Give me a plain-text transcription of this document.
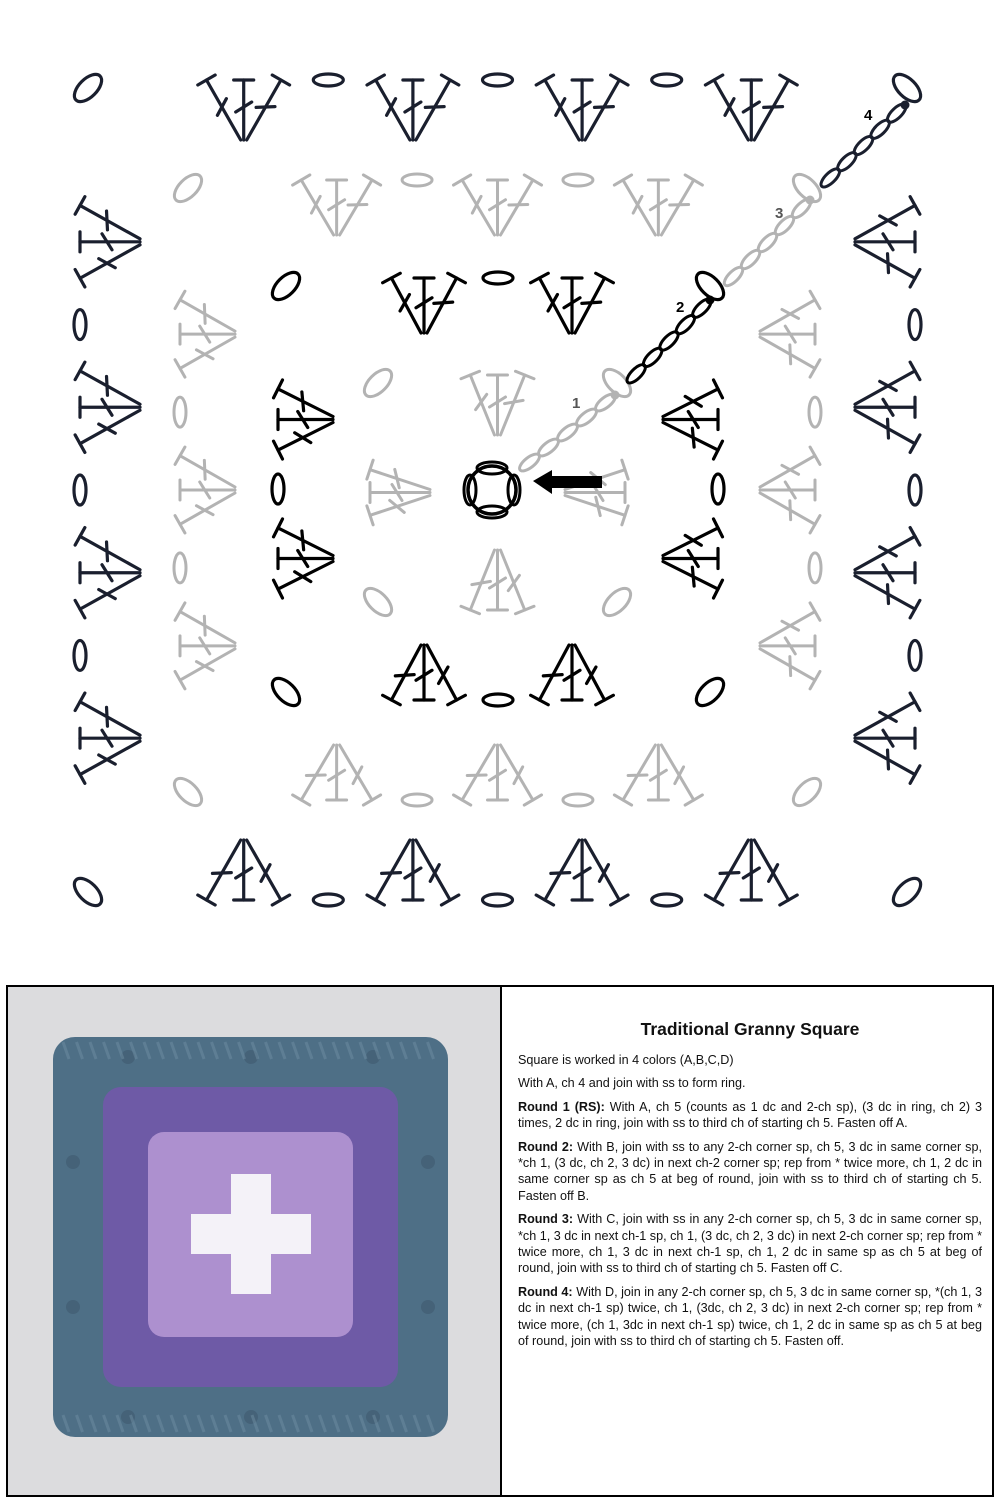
1
2
3
4
Traditional Granny Square

Square is worked in 4 colors (A,B,C,D)

With A, ch 4 and join with ss to form ring.

Round 1 (RS): With A, ch 5 (counts as 1 dc and 2-ch sp), (3 dc in ring, ch 2) 3 times, 2 dc in ring, join with ss to third ch of starting ch 5. Fasten off A.

Round 2: With B, join with ss to any 2-ch corner sp, ch 5, 3 dc in same corner sp, *ch 1, (3 dc, ch 2, 3 dc) in next ch-2 corner sp; rep from * twice more, ch 1, 2 dc in same corner sp as ch 5 at beg of round, join with ss to third ch of starting ch 5. Fasten off B.

Round 3: With C, join with ss in any 2-ch corner sp, ch 5, 3 dc in same corner sp, *ch 1, 3 dc in next ch-1 sp, ch 1, (3 dc, ch 2, 3 dc) in next 2-ch corner sp; rep from * twice more, ch 1, 3 dc in next ch-1 sp, ch 1, 2 dc in same sp as ch 5 at beg of round, join with ss to third ch of starting ch 5. Fasten off C.

Round 4: With D, join in any 2-ch corner sp, ch 5, 3 dc in same corner sp, *(ch 1, 3 dc in next ch-1 sp) twice, ch 1, (3dc, ch 2, 3 dc) in next 2-ch corner sp; rep from * twice more, (ch 1, 3dc in next ch-1 sp) twice, ch 1, 2 dc in same sp as ch 5 at beg of round, join with ss to third ch of starting ch 5. Fasten off.
